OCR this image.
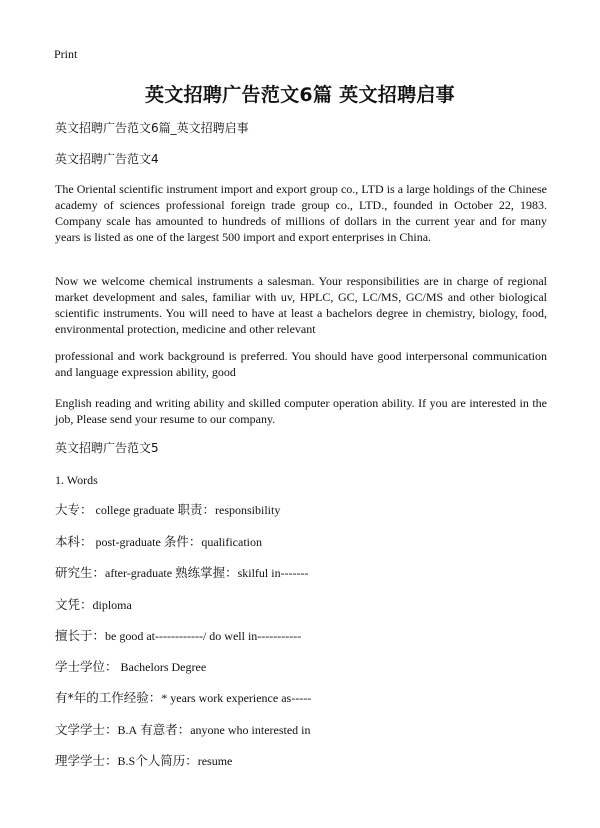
Print
英文招聘广告范文6篇 英文招聘启事
英文招聘广告范文6篇_英文招聘启事
英文招聘广告范文4
The Oriental scientific instrument import and export group co., LTD is a large holdings of the Chinese academy of sciences professional foreign trade group co., LTD., founded in October 22, 1983. Company scale has amounted to hundreds of millions of dollars in the current year and for many years is listed as one of the largest 500 import and export enterprises in China.
Now we welcome chemical instruments a salesman. Your responsibilities are in charge of regional market development and sales, familiar with uv, HPLC, GC, LC/MS, GC/MS and other biological scientific instruments. You will need to have at least a bachelors degree in chemistry, biology, food, environmental protection, medicine and other relevant
professional and work background is preferred. You should have good interpersonal communication and language expression ability, good
English reading and writing ability and skilled computer operation ability. If you are interested in the job, Please send your resume to our company.
英文招聘广告范文5
1. Words
大专： college graduate 职责：responsibility
本科： post-graduate 条件：qualification
研究生：after-graduate 熟练掌握：skilful in-------
文凭：diploma
擅长于：be good at------------/ do well in-----------
学士学位： Bachelors Degree
有*年的工作经验：* years work experience as-----
文学学士：B.A 有意者：anyone who interested in
理学学士：B.S个人简历：resume
